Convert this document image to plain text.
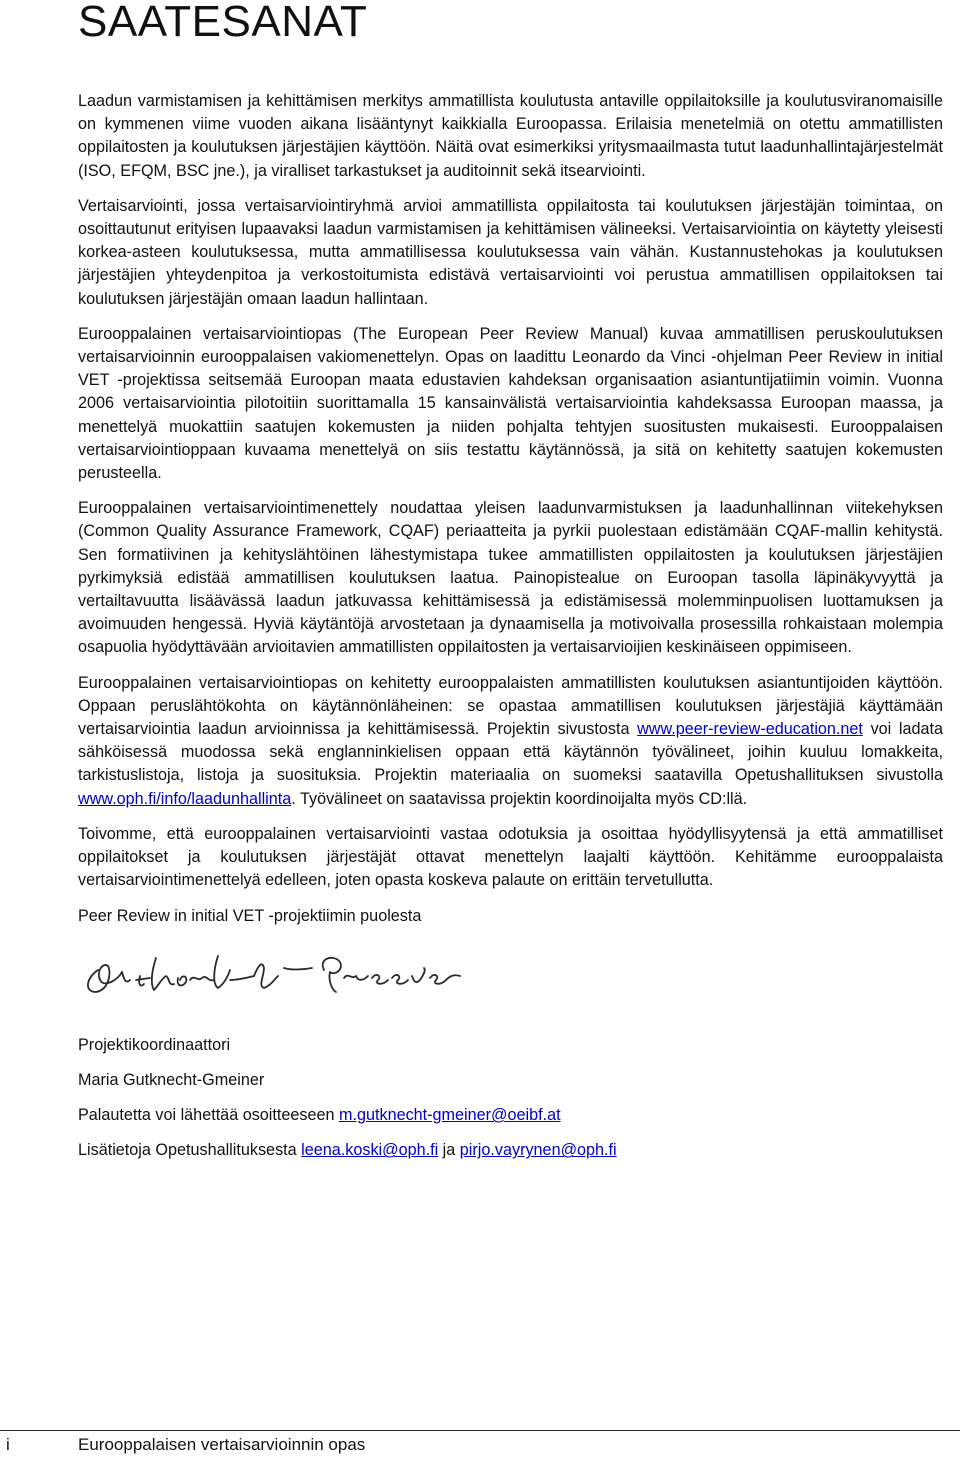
SAATESANAT

Laadun varmistamisen ja kehittämisen merkitys ammatillista koulutusta antaville oppilaitoksille ja koulutusviranomaisille on kymmenen viime vuoden aikana lisääntynyt kaikkialla Euroopassa. Erilaisia menetelmiä on otettu ammatillisten oppilaitosten ja koulutuksen järjestäjien käyttöön. Näitä ovat esimerkiksi yritysmaailmasta tutut laadunhallintajärjestelmät (ISO, EFQM, BSC jne.), ja viralliset tarkastukset ja auditoinnit sekä itsearviointi.

Vertaisarviointi, jossa vertaisarviointiryhmä arvioi ammatillista oppilaitosta tai koulutuksen järjestäjän toimintaa, on osoittautunut erityisen lupaavaksi laadun varmistamisen ja kehittämisen välineeksi. Vertaisarviointia on käytetty yleisesti korkea-asteen koulutuksessa, mutta ammatillisessa koulutuksessa vain vähän. Kustannustehokas ja koulutuksen järjestäjien yhteydenpitoa ja verkostoitumista edistävä vertaisarviointi voi perustua ammatillisen oppilaitoksen tai koulutuksen järjestäjän omaan laadun hallintaan.

Eurooppalainen vertaisarviointiopas (The European Peer Review Manual) kuvaa ammatillisen peruskoulutuksen vertaisarvioinnin eurooppalaisen vakiomenettelyn. Opas on laadittu Leonardo da Vinci -ohjelman Peer Review in initial VET -projektissa seitsemää Euroopan maata edustavien kahdeksan organisaation asiantuntijatiimin voimin. Vuonna 2006 vertaisarviointia pilotoitiin suorittamalla 15 kansainvälistä vertaisarviointia kahdeksassa Euroopan maassa, ja menettelyä muokattiin saatujen kokemusten ja niiden pohjalta tehtyjen suositusten mukaisesti. Eurooppalaisen vertaisarviointioppaan kuvaama menettelyä on siis testattu käytännössä, ja sitä on kehitetty saatujen kokemusten perusteella.

Eurooppalainen vertaisarviointimenettely noudattaa yleisen laadunvarmistuksen ja laadunhallinnan viitekehyksen (Common Quality Assurance Framework, CQAF) periaatteita ja pyrkii puolestaan edistämään CQAF-mallin kehitystä. Sen formatiivinen ja kehityslähtöinen lähestymistapa tukee ammatillisten oppilaitosten ja koulutuksen järjestäjien pyrkimyksiä edistää ammatillisen koulutuksen laatua. Painopistealue on Euroopan tasolla läpinäkyvyyttä ja vertailtavuutta lisäävässä laadun jatkuvassa kehittämisessä ja edistämisessä molemminpuolisen luottamuksen ja avoimuuden hengessä. Hyviä käytäntöjä arvostetaan ja dynaamisella ja motivoivalla prosessilla rohkaistaan molempia osapuolia hyödyttävään arvioitavien ammatillisten oppilaitosten ja vertaisarvioijien keskinäiseen oppimiseen.

Eurooppalainen vertaisarviointiopas on kehitetty eurooppalaisten ammatillisten koulutuksen asiantuntijoiden käyttöön. Oppaan peruslähtökohta on käytännönläheinen: se opastaa ammatillisen koulutuksen järjestäjiä käyttämään vertaisarviointia laadun arvioinnissa ja kehittämisessä. Projektin sivustosta www.peer-review-education.net voi ladata sähköisessä muodossa sekä englanninkielisen oppaan että käytännön työvälineet, joihin kuuluu lomakkeita, tarkistuslistoja, listoja ja suosituksia. Projektin materiaalia on suomeksi saatavilla Opetushallituksen sivustolla www.oph.fi/info/laadunhallinta. Työvälineet on saatavissa projektin koordinoijalta myös CD:llä.

Toivomme, että eurooppalainen vertaisarviointi vastaa odotuksia ja osoittaa hyödyllisyytensä ja että ammatilliset oppilaitokset ja koulutuksen järjestäjät ottavat menettelyn laajalti käyttöön. Kehitämme eurooppalaista vertaisarviointimenettelyä edelleen, joten opasta koskeva palaute on erittäin tervetullutta.

Peer Review in initial VET -projektiimin puolesta

Projektikoordinaattori

Maria Gutknecht-Gmeiner

Palautetta voi lähettää osoitteeseen m.gutknecht-gmeiner@oeibf.at

Lisätietoja Opetushallituksesta leena.koski@oph.fi ja pirjo.vayrynen@oph.fi

i	Eurooppalaisen vertaisarvioinnin opas
